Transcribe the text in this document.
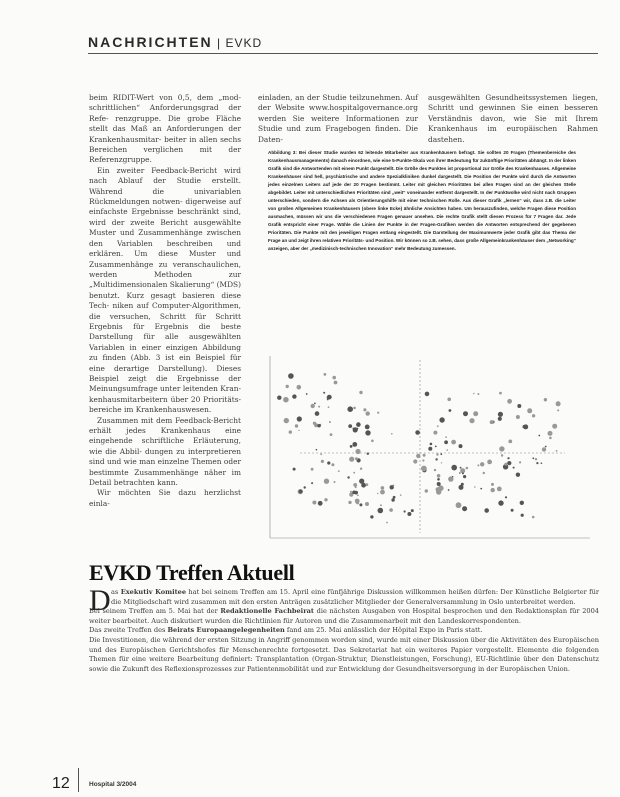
NACHRICHTEN | EVKD

beim RIDIT-Wert von 0,5, dem „mod- schrittlichen“ Anforderungsgrad der Refe- renzgruppe. Die grobe Fläche stellt das Maß an Anforderungen der Krankenhausmitar- beiter in allen sechs Bereichen verglichen mit der Referenzgruppe.

Ein zweiter Feedback-Bericht wird nach Ablauf der Studie erstellt. Während die univariablen Rückmeldungen notwen- digerweise auf einfachste Ergebnisse beschränkt sind, wird der zweite Bericht ausgewählte Muster und Zusammenhänge zwischen den Variablen beschreiben und erklären. Um diese Muster und Zusammenhänge zu veranschaulichen, werden Methoden zur „Multidimensionalen Skalierung“ (MDS) benutzt. Kurz gesagt basieren diese Tech- niken auf Computer-Algorithmen, die versuchen, Schritt für Schritt Ergebnis für Ergebnis die beste Darstellung für alle ausgewählten Variablen in einer einzigen Abbildung zu finden (Abb. 3 ist ein Beispiel für eine derartige Darstellung). Dieses Beispiel zeigt die Ergebnisse der Meinungsumfrage unter leitenden Kran- kenhausmitarbeitern über 20 Prioritäts- bereiche im Krankenhauswesen.

Zusammen mit dem Feedback-Bericht erhält jedes Krankenhaus eine eingehende schriftliche Erläuterung, wie die Abbil- dungen zu interpretieren sind und wie man einzelne Themen oder bestimmte Zusammenhänge näher im Detail betrachten kann.

Wir möchten Sie dazu herzlichst einla-

einladen, an der Studie teilzunehmen. Auf der Website www.hospitalgovernance.org werden Sie weitere Informationen zur Studie und zum Fragebogen finden. Die Daten-

ausgewählten Gesundheitssystemen liegen, Schritt und gewinnen Sie einen besseren Verständnis davon, wie Sie mit Ihrem Krankenhaus im europäischen Rahmen dastehen.

Abbildung 3: Bei dieser Studie wurden 62 leitende Mitarbeiter aus Krankenhäusern befragt. Sie sollten 20 Fragen (Themenbereiche des Krankenhausmanagements) danach einordnen, wie eine 5-Punkte-Skala von ihrer Bedeutung für zukünftige Prioritäten abhängt. In der linken Grafik sind die Antwortenden mit einem Punkt dargestellt. Die Größe des Punktes ist proportional zur Größe des Krankenhauses. Allgemeine Krankenhäuser sind hell, psychiatrische und andere Spezialkliniken dunkel dargestellt. Die Position der Punkte wird durch die Antworten jedes einzelnen Leiters auf jede der 20 Fragen bestimmt. Leiter mit gleichen Prioritäten bei allen Fragen sind an der gleichen Stelle abgebildet. Leiter mit unterschiedlichen Prioritäten sind „weit“ voneinander entfernt dargestellt. In der Punktwolke wird nicht nach Gruppen unterschieden, sondern die Achsen als Orientierungshilfe mit einer technischen Rolle. Aus dieser Grafik „lernen“ wir, dass z.B. die Leiter von großen Allgemeinen Krankenhäusern (obere linke Ecke) ähnliche Ansichten haben. Um herauszufinden, welche Fragen diese Position ausmachen, müssen wir uns die verschiedenen Fragen genauer ansehen. Die rechte Grafik stellt diesen Prozess für 7 Fragen dar. Jede Grafik entspricht einer Frage. Wähle die Linien der Punkte in der Fragen-Grafiken werden die Antworten entsprechend der gegebenen Prioritäten. Die Punkte mit den jeweiligen Fragen entlang eingestellt. Die Darstellung der Maximumwerte jeder Grafik gibt das Thema der Frage an und zeigt ihren relativen Prioritäts- und Position. Wir können so z.B. sehen, dass große Allgemeinkrankenhäuser dem „Networking“ anzeigen, aber der „medizinisch-technischen Innovation“ mehr Bedeutung zumessen.
EVKD Treffen Aktuell
D as Exekutiv Komitee hat bei seinem Treffen am 15. April eine fünfjährige Diskussion willkommen heißen dürfen: Der Künstliche Belgierter für die Mitgliedschaft wird zusammen mit den ersten Anträgen zusätzlicher Mitglieder der Generalversammlung in Oslo unterbreitet werden.

Bei seinem Treffen am 5. Mai hat der Redaktionelle Fachbeirat die nächsten Ausgaben von Hospital besprochen und den Redaktionsplan für 2004 weiter bearbeitet. Auch diskutiert wurden die Richtlinien für Autoren und die Zusammenarbeit mit den Landeskorrespondenten.

Das zweite Treffen des Beirats Europaangelegenheiten fand am 25. Mai anlässlich der Hôpital Expo in Paris statt.

Die Investitionen, die während der ersten Sitzung in Angriff genommen worden sind, wurde mit einer Diskussion über die Aktivitäten des Europäischen und des Europäischen Gerichtshofes für Menschenrechte fortgesetzt. Das Sekretariat hat ein weiteres Papier vorgestellt. Elemente die folgenden Themen für eine weitere Bearbeitung definiert: Transplantation (Organ-Struktur, Dienstleistungen, Forschung), EU-Richtlinie über den Datenschutz sowie die Zukunft des Reflexionsprozesses zur Patientenmobilität und zur Entwicklung der Gesundheitsversorgung in der Europäischen Union.

12	Hospital 3/2004
